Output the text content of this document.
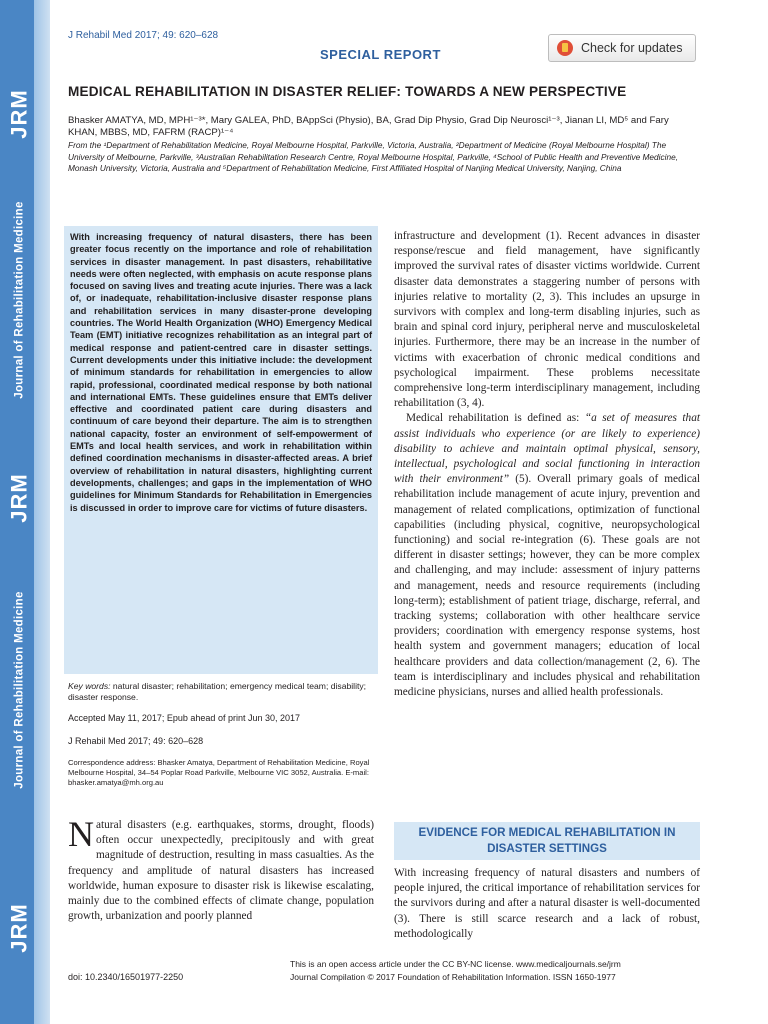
JRM
Journal of Rehabilitation Medicine
JRM
Journal of Rehabilitation Medicine
JRM
J Rehabil Med 2017; 49: 620–628
SPECIAL REPORT	Check for updates
MEDICAL REHABILITATION IN DISASTER RELIEF: TOWARDS A NEW PERSPECTIVE
Bhasker AMATYA, MD, MPH¹⁻³*, Mary GALEA, PhD, BAppSci (Physio), BA, Grad Dip Physio, Grad Dip Neurosci¹⁻³, Jianan LI, MD⁵ and Fary KHAN, MBBS, MD, FAFRM (RACP)¹⁻⁴
From the ¹Department of Rehabilitation Medicine, Royal Melbourne Hospital, Parkville, Victoria, Australia, ²Department of Medicine (Royal Melbourne Hospital) The University of Melbourne, Parkville, ³Australian Rehabilitation Research Centre, Royal Melbourne Hospital, Parkville, ⁴School of Public Health and Preventive Medicine, Monash University, Victoria, Australia and ⁵Department of Rehabilitation Medicine, First Affiliated Hospital of Nanjing Medical University, Nanjing, China
With increasing frequency of natural disasters, there has been greater focus recently on the importance and role of rehabilitation services in disaster management. In past disasters, rehabilitative needs were often neglected, with emphasis on acute response plans focused on saving lives and treating acute injuries. There was a lack of, or inadequate, rehabilitation-inclusive disaster response plans and rehabilitation services in many disaster-prone developing countries. The World Health Organization (WHO) Emergency Medical Team (EMT) initiative recognizes rehabilitation as an integral part of medical response and patient-centred care in disaster settings. Current developments under this initiative include: the development of minimum standards for rehabilitation in emergencies to allow rapid, professional, coordinated medical response by both national and international EMTs. These guidelines ensure that EMTs deliver effective and coordinated patient care during disasters and continuum of care beyond their departure. The aim is to strengthen national capacity, foster an environment of self-empowerment of EMTs and local health services, and work in rehabilitation within defined coordination mechanisms in disaster-affected areas. A brief overview of rehabilitation in natural disasters, highlighting current developments, challenges; and gaps in the implementation of WHO guidelines for Minimum Standards for Rehabilitation in Emergencies is discussed in order to improve care for victims of future disasters.
Key words: natural disaster; rehabilitation; emergency medical team; disability; disaster response.
Accepted May 11, 2017; Epub ahead of print Jun 30, 2017
J Rehabil Med 2017; 49: 620–628
Correspondence address: Bhasker Amatya, Department of Rehabilitation Medicine, Royal Melbourne Hospital, 34–54 Poplar Road Parkville, Melbourne VIC 3052, Australia. E-mail: bhasker.amatya@mh.org.au
Natural disasters (e.g. earthquakes, storms, drought, floods) often occur unexpectedly, precipitously and with great magnitude of destruction, resulting in mass casualties. As the frequency and amplitude of natural disasters has increased worldwide, human exposure to disaster risk is likewise escalating, mainly due to the combined effects of climate change, population growth, urbanization and poorly planned

infrastructure and development (1). Recent advances in disaster response/rescue and field management, have significantly improved the survival rates of disaster victims worldwide. Current disaster data demonstrates a staggering number of persons with injuries relative to mortality (2, 3). This includes an upsurge in survivors with complex and long-term disabling injuries, such as brain and spinal cord injury, peripheral nerve and musculoskeletal injuries. Furthermore, there may be an increase in the number of victims with exacerbation of chronic medical conditions and psychological impairment. These problems necessitate comprehensive long-term interdisciplinary management, including rehabilitation (3, 4).

Medical rehabilitation is defined as: “a set of measures that assist individuals who experience (or are likely to experience) disability to achieve and maintain optimal physical, sensory, intellectual, psychological and social functioning in interaction with their environment” (5). Overall primary goals of medical rehabilitation include management of acute injury, prevention and management of related complications, optimization of functional capabilities (including physical, cognitive, neuropsychological functioning) and social re-integration (6). These goals are not different in disaster settings; however, they can be more complex and challenging, and may include: assessment of injury patterns and management, needs and resource requirements (including long-term); establishment of patient triage, discharge, referral, and tracking systems; collaboration with other healthcare service providers; coordination with emergency response systems, host health system and government managers; education of local healthcare providers and data collection/management (2, 6). The team is interdisciplinary and includes physical and rehabilitation medicine physicians, nurses and allied health professionals.

EVIDENCE FOR MEDICAL REHABILITATION IN DISASTER SETTINGS
With increasing frequency of natural disasters and numbers of people injured, the critical importance of rehabilitation services for the survivors during and after a natural disaster is well-documented (3). There is still scarce research and a lack of robust, methodologically
doi: 10.2340/16501977-2250
This is an open access article under the CC BY-NC license. www.medicaljournals.se/jrm
Journal Compilation © 2017 Foundation of Rehabilitation Information. ISSN 1650-1977
